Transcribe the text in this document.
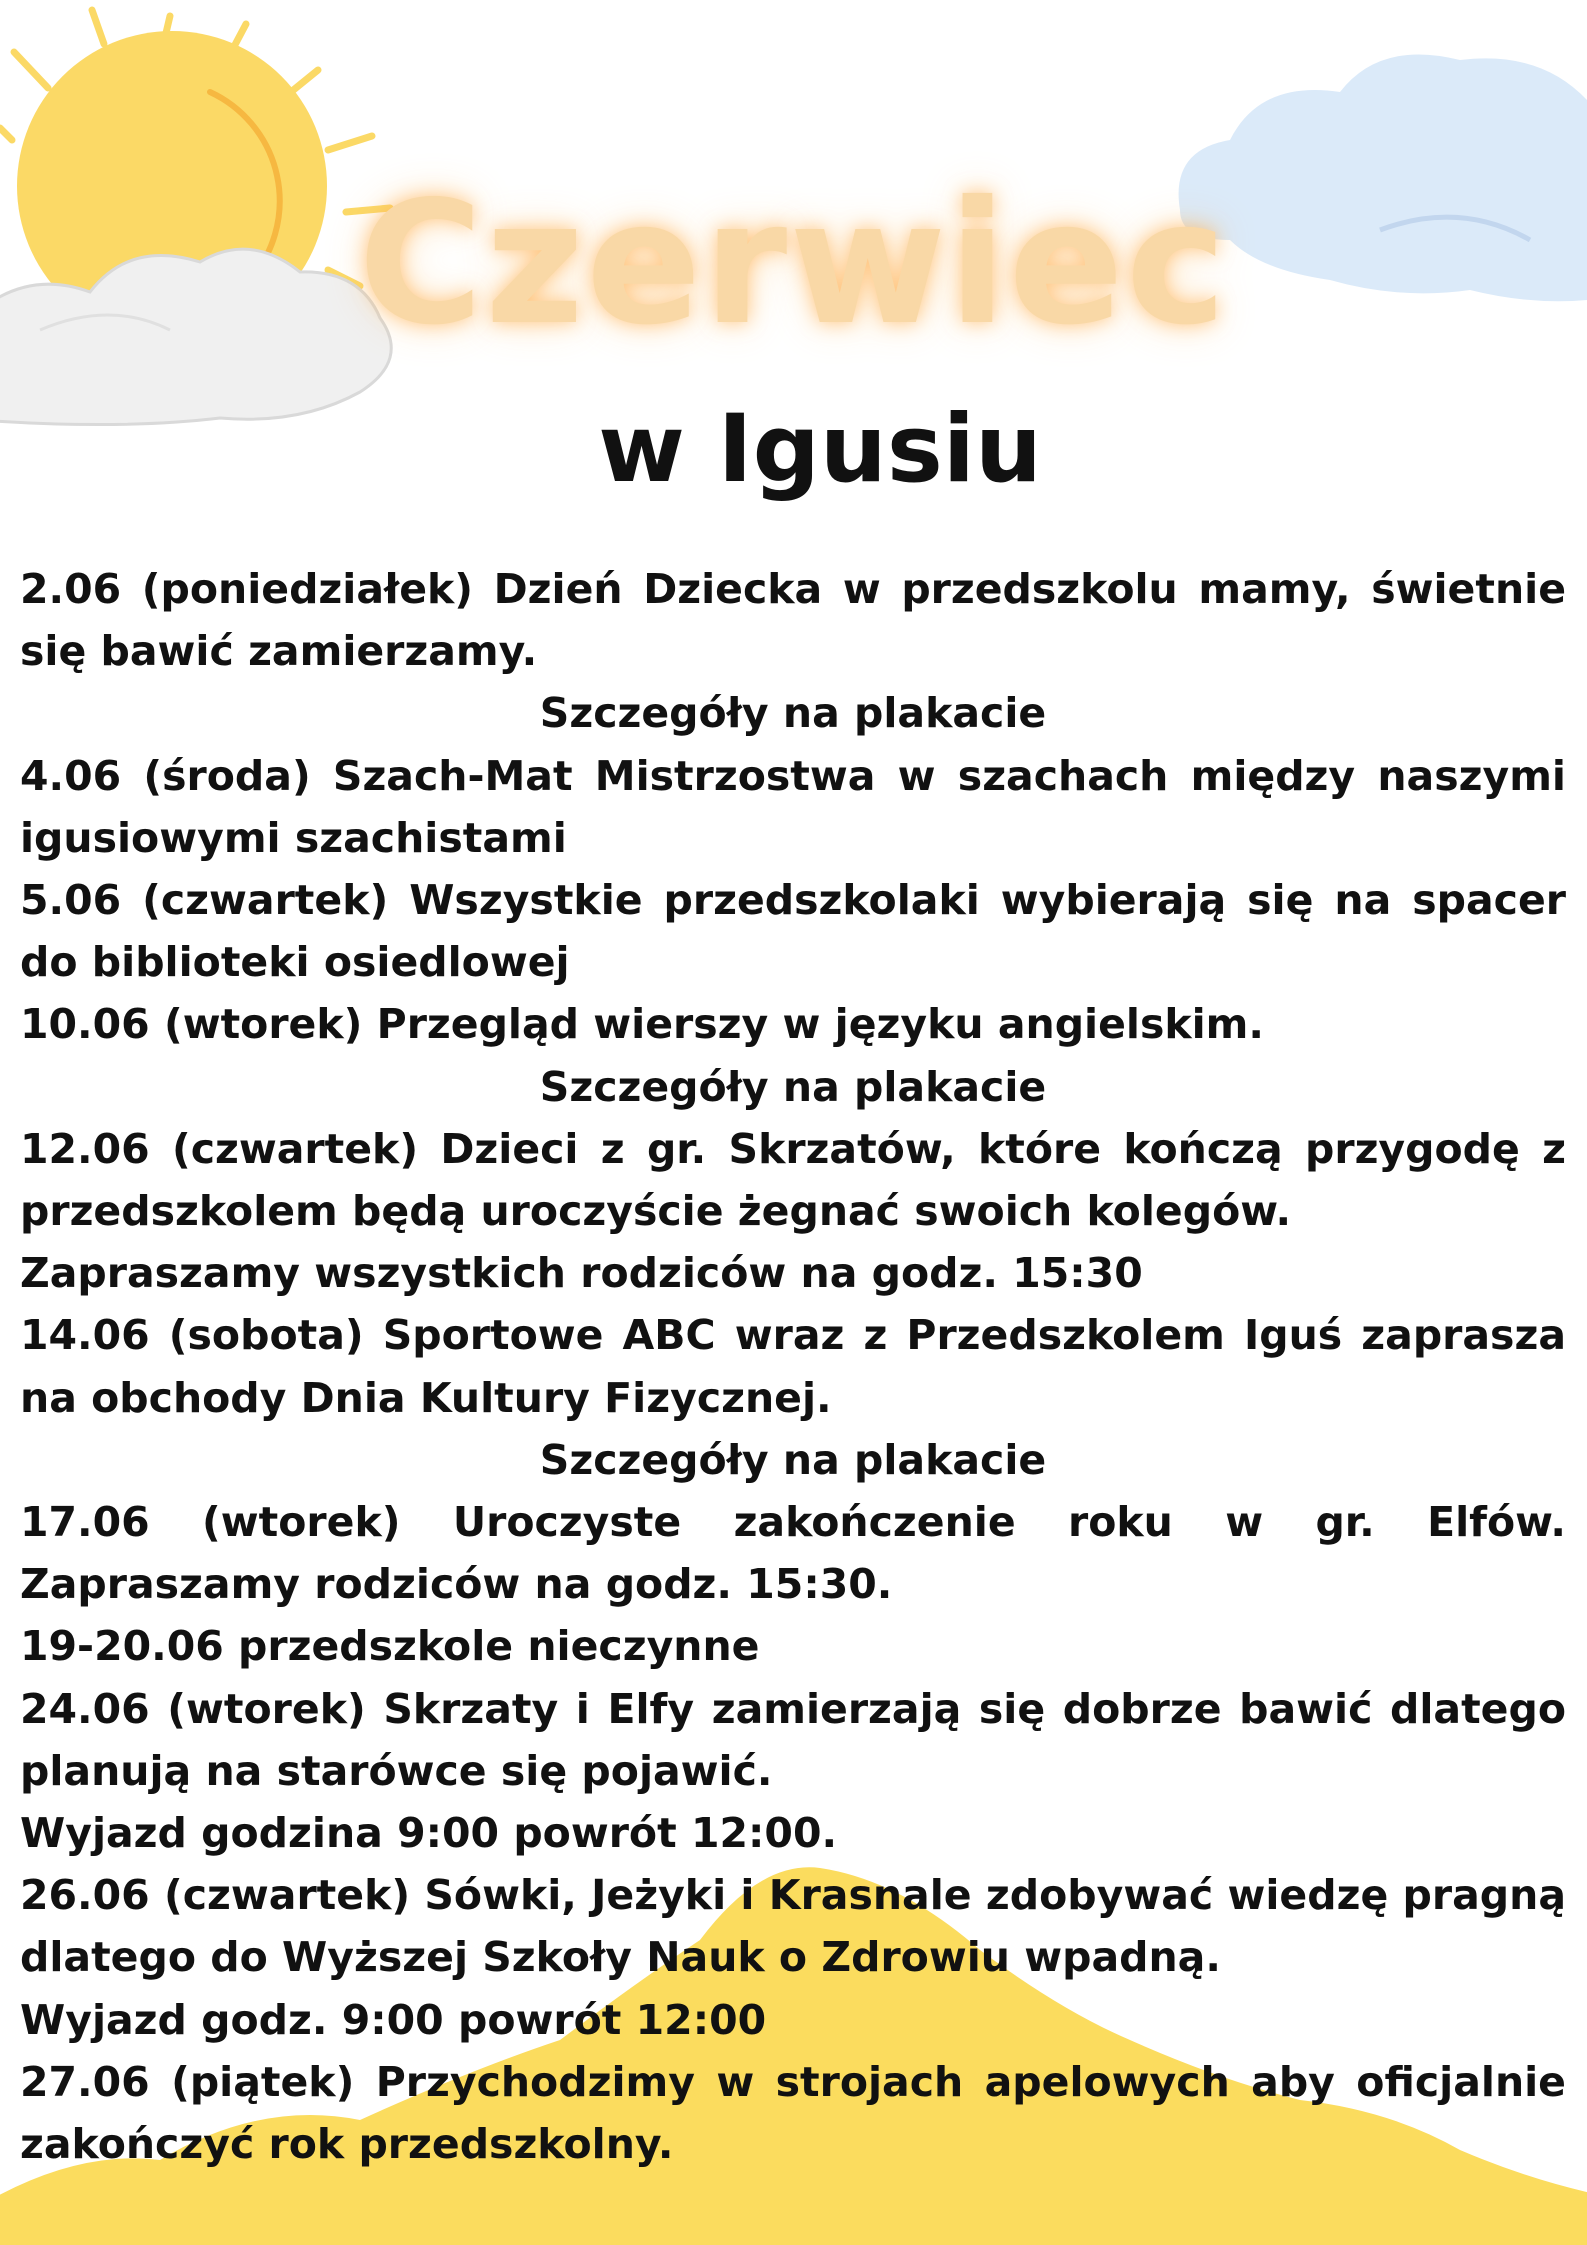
Czerwiec
w Igusiu

2.06 (poniedziałek) Dzień Dziecka w przedszkolu mamy, świetnie się bawić zamierzamy.

Szczegóły na plakacie

4.06 (środa) Szach-Mat Mistrzostwa w szachach między naszymi igusiowymi szachistami

5.06 (czwartek) Wszystkie przedszkolaki wybierają się na spacer do biblioteki osiedlowej

10.06 (wtorek) Przegląd wierszy w języku angielskim.

Szczegóły na plakacie

12.06 (czwartek) Dzieci z gr. Skrzatów, które kończą przygodę z przedszkolem będą uroczyście żegnać swoich kolegów.

Zapraszamy wszystkich rodziców na godz. 15:30

14.06 (sobota) Sportowe ABC wraz z Przedszkolem Iguś zaprasza na obchody Dnia Kultury Fizycznej.

Szczegóły na plakacie

17.06 (wtorek) Uroczyste zakończenie roku w gr. Elfów. Zapraszamy rodziców na godz. 15:30.

19-20.06 przedszkole nieczynne

24.06 (wtorek) Skrzaty i Elfy zamierzają się dobrze bawić dlatego planują na starówce się pojawić.

Wyjazd godzina 9:00 powrót 12:00.

26.06 (czwartek) Sówki, Jeżyki i Krasnale zdobywać wiedzę pragną dlatego do Wyższej Szkoły Nauk o Zdrowiu wpadną.

Wyjazd godz. 9:00 powrót 12:00

27.06 (piątek) Przychodzimy w strojach apelowych aby oficjalnie zakończyć rok przedszkolny.
